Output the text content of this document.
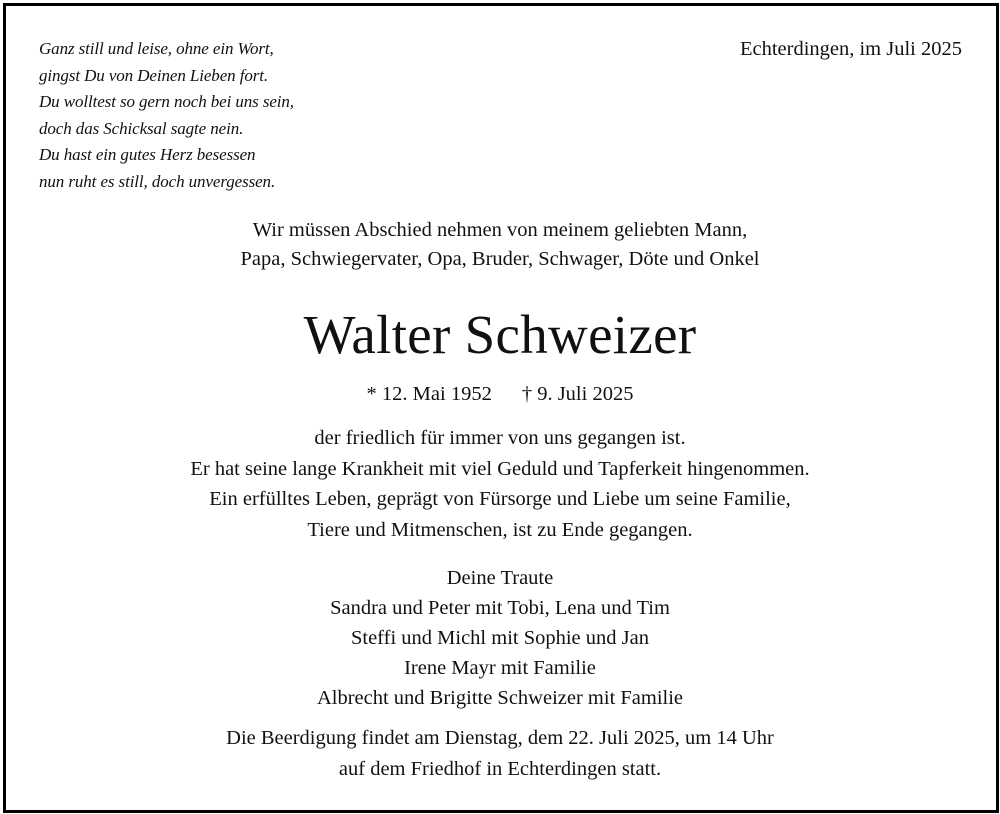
Ganz still und leise, ohne ein Wort,
gingst Du von Deinen Lieben fort.
Du wolltest so gern noch bei uns sein,
doch das Schicksal sagte nein.
Du hast ein gutes Herz besessen
nun ruht es still, doch unvergessen.
Echterdingen, im Juli 2025
Wir müssen Abschied nehmen von meinem geliebten Mann,
Papa, Schwiegervater, Opa, Bruder, Schwager, Döte und Onkel
Walter Schweizer
* 12. Mai 1952 † 9. Juli 2025
der friedlich für immer von uns gegangen ist.
Er hat seine lange Krankheit mit viel Geduld und Tapferkeit hingenommen.
Ein erfülltes Leben, geprägt von Fürsorge und Liebe um seine Familie,
Tiere und Mitmenschen, ist zu Ende gegangen.
Deine Traute
Sandra und Peter mit Tobi, Lena und Tim
Steffi und Michl mit Sophie und Jan
Irene Mayr mit Familie
Albrecht und Brigitte Schweizer mit Familie
Die Beerdigung findet am Dienstag, dem 22. Juli 2025, um 14 Uhr
auf dem Friedhof in Echterdingen statt.
